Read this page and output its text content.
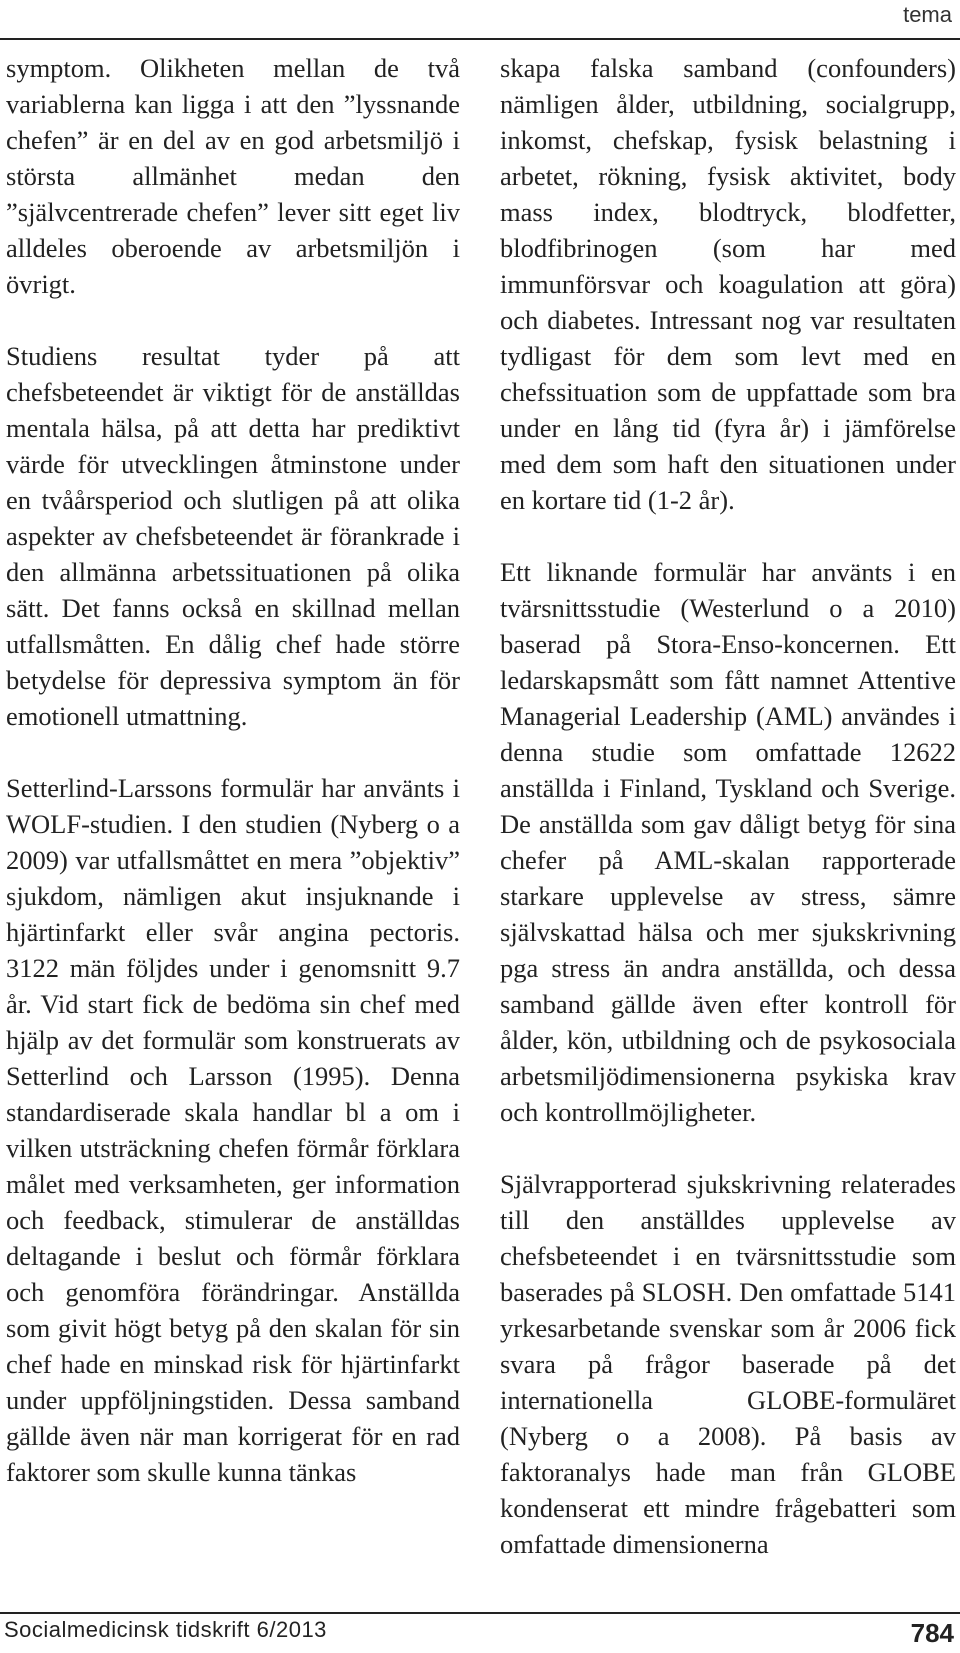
tema

symptom. Olikheten mellan de två variablerna kan ligga i att den ”lyssnande chefen” är en del av en god arbetsmiljö i största allmänhet medan den ”självcentrerade chefen” lever sitt eget liv alldeles oberoende av arbetsmiljön i övrigt.

Studiens resultat tyder på att chefsbeteendet är viktigt för de anställdas mentala hälsa, på att detta har prediktivt värde för utvecklingen åtminstone under en tvåårsperiod och slutligen på att olika aspekter av chefsbeteendet är förankrade i den allmänna arbetssituationen på olika sätt. Det fanns också en skillnad mellan utfallsmåtten. En dålig chef hade större betydelse för depressiva symptom än för emotionell utmattning.

Setterlind-Larssons formulär har använts i WOLF-studien. I den studien (Nyberg o a 2009) var utfallsmåttet en mera ”objektiv” sjukdom, nämligen akut insjuknande i hjärtinfarkt eller svår angina pectoris. 3122 män följdes under i genomsnitt 9.7 år. Vid start fick de bedöma sin chef med hjälp av det formulär som konstruerats av Setterlind och Larsson (1995). Denna standardiserade skala handlar bl a om i vilken utsträckning chefen förmår förklara målet med verksamheten, ger information och feedback, stimulerar de anställdas deltagande i beslut och förmår förklara och genomföra förändringar. Anställda som givit högt betyg på den skalan för sin chef hade en minskad risk för hjärtinfarkt under uppföljningstiden. Dessa samband gällde även när man korrigerat för en rad faktorer som skulle kunna tänkas

skapa falska samband (confounders) nämligen ålder, utbildning, socialgrupp, inkomst, chefskap, fysisk belastning i arbetet, rökning, fysisk aktivitet, body mass index, blodtryck, blodfetter, blodfibrinogen (som har med immunförsvar och koagulation att göra) och diabetes. Intressant nog var resultaten tydligast för dem som levt med en chefssituation som de uppfattade som bra under en lång tid (fyra år) i jämförelse med dem som haft den situationen under en kortare tid (1-2 år).

Ett liknande formulär har använts i en tvärsnittsstudie (Westerlund o a 2010) baserad på Stora-Enso-koncernen. Ett ledarskapsmått som fått namnet Attentive Managerial Leadership (AML) användes i denna studie som omfattade 12622 anställda i Finland, Tyskland och Sverige. De anställda som gav dåligt betyg för sina chefer på AML-skalan rapporterade starkare upplevelse av stress, sämre självskattad hälsa och mer sjukskrivning pga stress än andra anställda, och dessa samband gällde även efter kontroll för ålder, kön, utbildning och de psykosociala arbetsmiljödimensionerna psykiska krav och kontrollmöjligheter.

Självrapporterad sjukskrivning relaterades till den anställdes upplevelse av chefsbeteendet i en tvärsnittsstudie som baserades på SLOSH. Den omfattade 5141 yrkesarbetande svenskar som år 2006 fick svara på frågor baserade på det internationella GLOBE-formuläret (Nyberg o a 2008). På basis av faktoranalys hade man från GLOBE kondenserat ett mindre frågebatteri som omfattade dimensionerna

Socialmedicinsk tidskrift 6/2013	784
